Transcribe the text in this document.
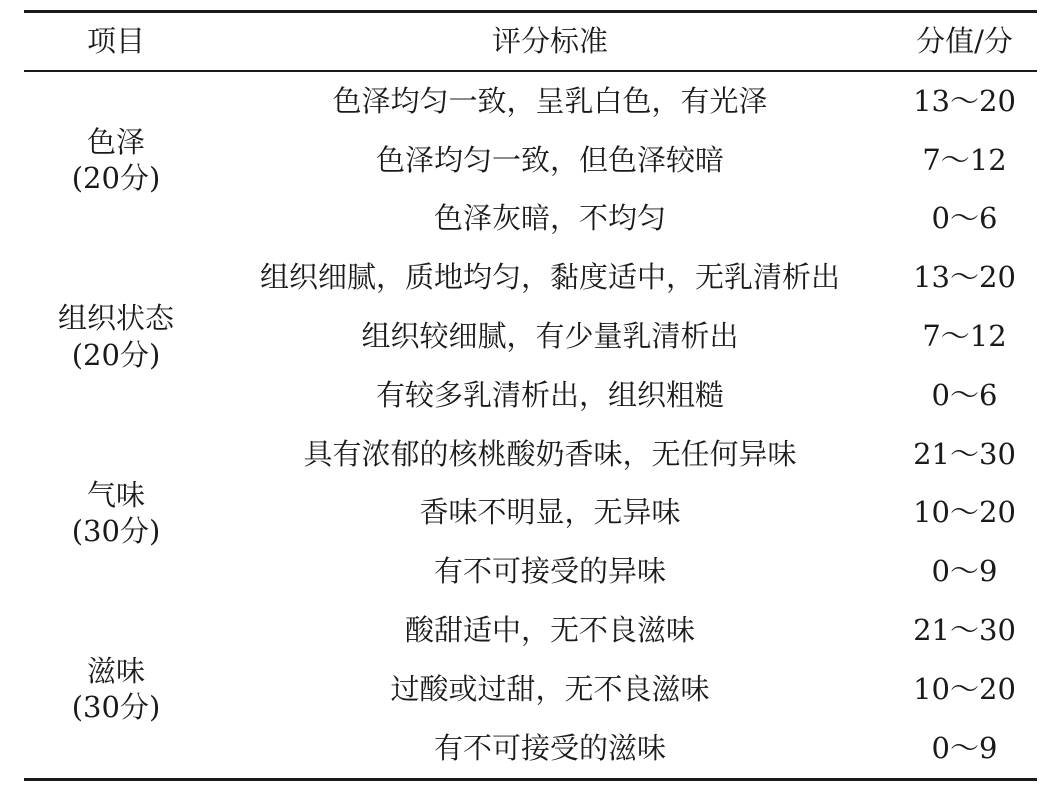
项目	评分标准	分值/分

色泽
(20分)	色泽均匀一致，呈乳白色，有光泽	13～20
	色泽均匀一致，但色泽较暗	7～12
	色泽灰暗，不均匀	0～6

组织状态
(20分)	组织细腻，质地均匀，黏度适中，无乳清析出	13～20
	组织较细腻，有少量乳清析出	7～12
	有较多乳清析出，组织粗糙	0～6

气味
(30分)	具有浓郁的核桃酸奶香味，无任何异味	21～30
	香味不明显，无异味	10～20
	有不可接受的异味	0～9

滋味
(30分)	酸甜适中，无不良滋味	21～30
	过酸或过甜，无不良滋味	10～20
	有不可接受的滋味	0～9
